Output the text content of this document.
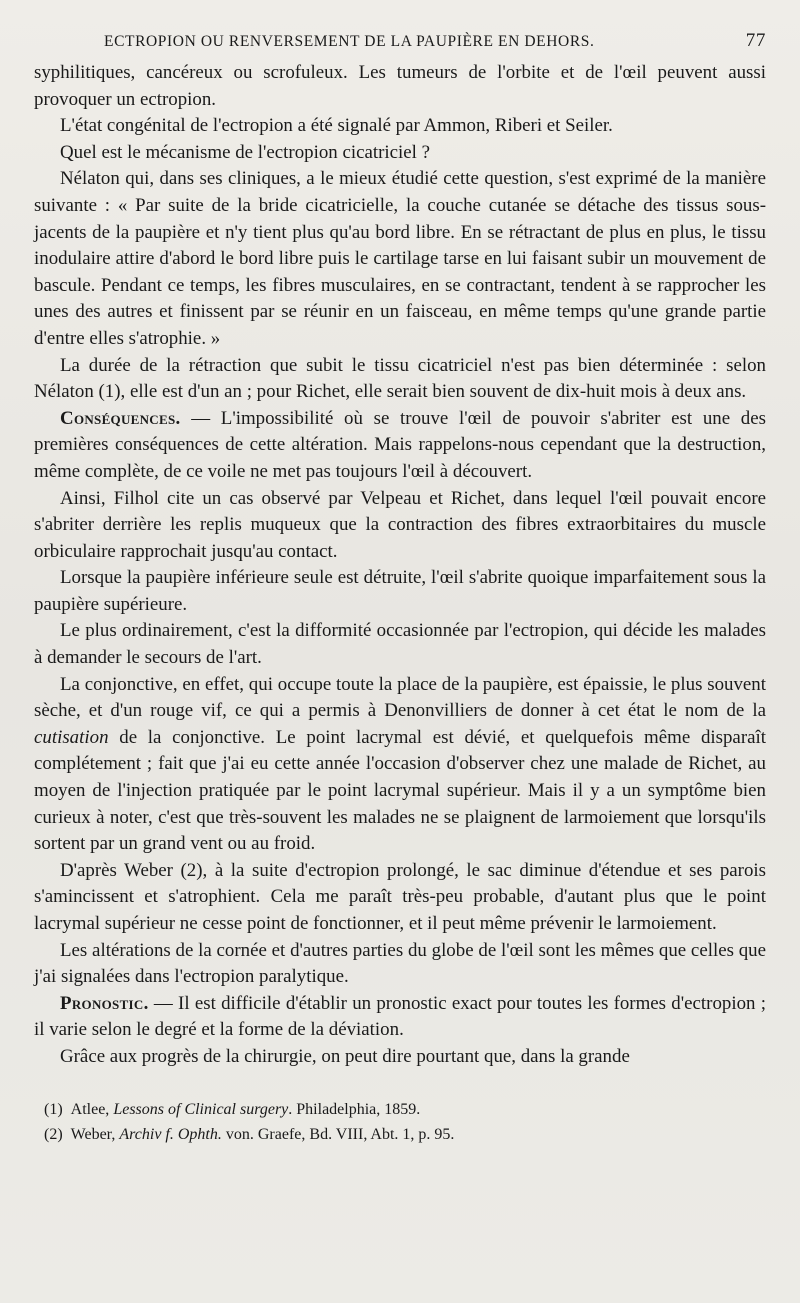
ECTROPION OU RENVERSEMENT DE LA PAUPIÈRE EN DEHORS.	77

syphilitiques, cancéreux ou scrofuleux. Les tumeurs de l'orbite et de l'œil peuvent aussi provoquer un ectropion.

L'état congénital de l'ectropion a été signalé par Ammon, Riberi et Seiler.

Quel est le mécanisme de l'ectropion cicatriciel ?

Nélaton qui, dans ses cliniques, a le mieux étudié cette question, s'est exprimé de la manière suivante : « Par suite de la bride cicatricielle, la couche cutanée se détache des tissus sous-jacents de la paupière et n'y tient plus qu'au bord libre. En se rétractant de plus en plus, le tissu inodulaire attire d'abord le bord libre puis le cartilage tarse en lui faisant subir un mouvement de bascule. Pendant ce temps, les fibres musculaires, en se contractant, tendent à se rapprocher les unes des autres et finissent par se réunir en un faisceau, en même temps qu'une grande partie d'entre elles s'atrophie. »

La durée de la rétraction que subit le tissu cicatriciel n'est pas bien déterminée : selon Nélaton (1), elle est d'un an ; pour Richet, elle serait bien souvent de dix-huit mois à deux ans.

Conséquences. — L'impossibilité où se trouve l'œil de pouvoir s'abriter est une des premières conséquences de cette altération. Mais rappelons-nous cependant que la destruction, même complète, de ce voile ne met pas toujours l'œil à découvert.

Ainsi, Filhol cite un cas observé par Velpeau et Richet, dans lequel l'œil pouvait encore s'abriter derrière les replis muqueux que la contraction des fibres extraorbitaires du muscle orbiculaire rapprochait jusqu'au contact.

Lorsque la paupière inférieure seule est détruite, l'œil s'abrite quoique imparfaitement sous la paupière supérieure.

Le plus ordinairement, c'est la difformité occasionnée par l'ectropion, qui décide les malades à demander le secours de l'art.

La conjonctive, en effet, qui occupe toute la place de la paupière, est épaissie, le plus souvent sèche, et d'un rouge vif, ce qui a permis à Denonvilliers de donner à cet état le nom de la cutisation de la conjonctive. Le point lacrymal est dévié, et quelquefois même disparaît complétement ; fait que j'ai eu cette année l'occasion d'observer chez une malade de Richet, au moyen de l'injection pratiquée par le point lacrymal supérieur. Mais il y a un symptôme bien curieux à noter, c'est que très-souvent les malades ne se plaignent de larmoiement que lorsqu'ils sortent par un grand vent ou au froid.

D'après Weber (2), à la suite d'ectropion prolongé, le sac diminue d'étendue et ses parois s'amincissent et s'atrophient. Cela me paraît très-peu probable, d'autant plus que le point lacrymal supérieur ne cesse point de fonctionner, et il peut même prévenir le larmoiement.

Les altérations de la cornée et d'autres parties du globe de l'œil sont les mêmes que celles que j'ai signalées dans l'ectropion paralytique.

Pronostic. — Il est difficile d'établir un pronostic exact pour toutes les formes d'ectropion ; il varie selon le degré et la forme de la déviation.

Grâce aux progrès de la chirurgie, on peut dire pourtant que, dans la grande

(1) Atlee, Lessons of Clinical surgery. Philadelphia, 1859.
(2) Weber, Archiv f. Ophth. von. Graefe, Bd. VIII, Abt. 1, p. 95.
